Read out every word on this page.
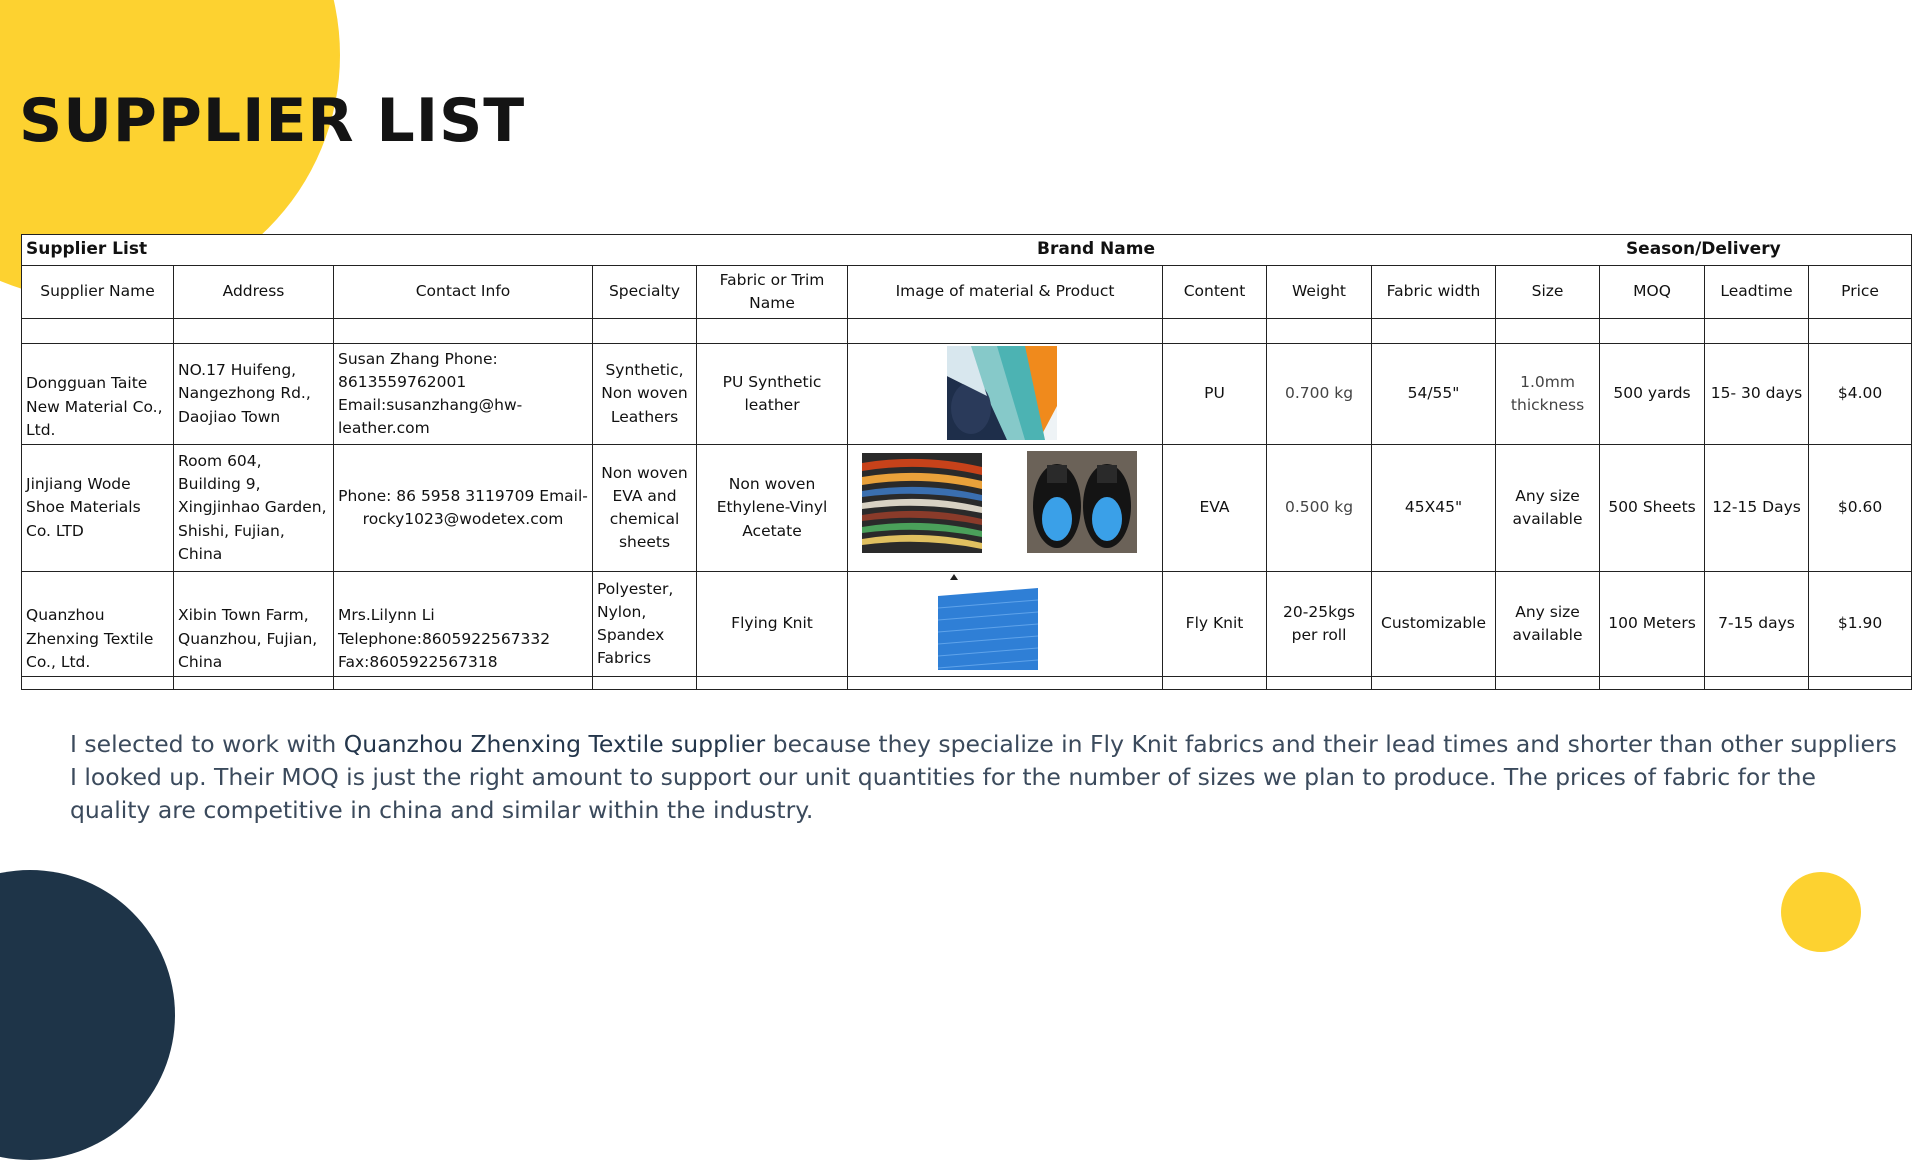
SUPPLIER LIST
Supplier List				Brand Name					Season/Delivery			
Supplier Name	Address	Contact Info	Specialty	Fabric or Trim Name	Image of material & Product	Content	Weight	Fabric width	Size	MOQ	Leadtime	Price

Dongguan Taite New Material Co., Ltd.	NO.17 Huifeng, Nangezhong Rd., Daojiao Town	Susan Zhang Phone: 8613559762001 Email:susanzhang@hw-leather.com	Synthetic, Non woven Leathers	PU Synthetic leather		PU	0.700 kg	54/55"	1.0mm thickness	500 yards	15- 30 days	$4.00
Jinjiang Wode Shoe Materials Co. LTD	Room 604, Building 9, Xingjinhao Garden, Shishi, Fujian, China	Phone: 86 5958 3119709 Email-rocky1023@wodetex.com	Non woven EVA and chemical sheets	Non woven Ethylene-Vinyl Acetate		EVA	0.500 kg	45X45"	Any size available	500 Sheets	12-15 Days	$0.60
Quanzhou Zhenxing Textile Co., Ltd.	Xibin Town Farm, Quanzhou, Fujian, China	Mrs.Lilynn Li Telephone:8605922567332 Fax:8605922567318	Polyester, Nylon, Spandex Fabrics	Flying Knit		Fly Knit	20-25kgs per roll	Customizable	Any size available	100 Meters	7-15 days	$1.90

I selected to work with Quanzhou Zhenxing Textile supplier because they specialize in Fly Knit fabrics and their lead times and shorter than other suppliers I looked up. Their MOQ is just the right amount to support our unit quantities for the number of sizes we plan to produce. The prices of fabric for the quality are competitive in china and similar within the industry.
